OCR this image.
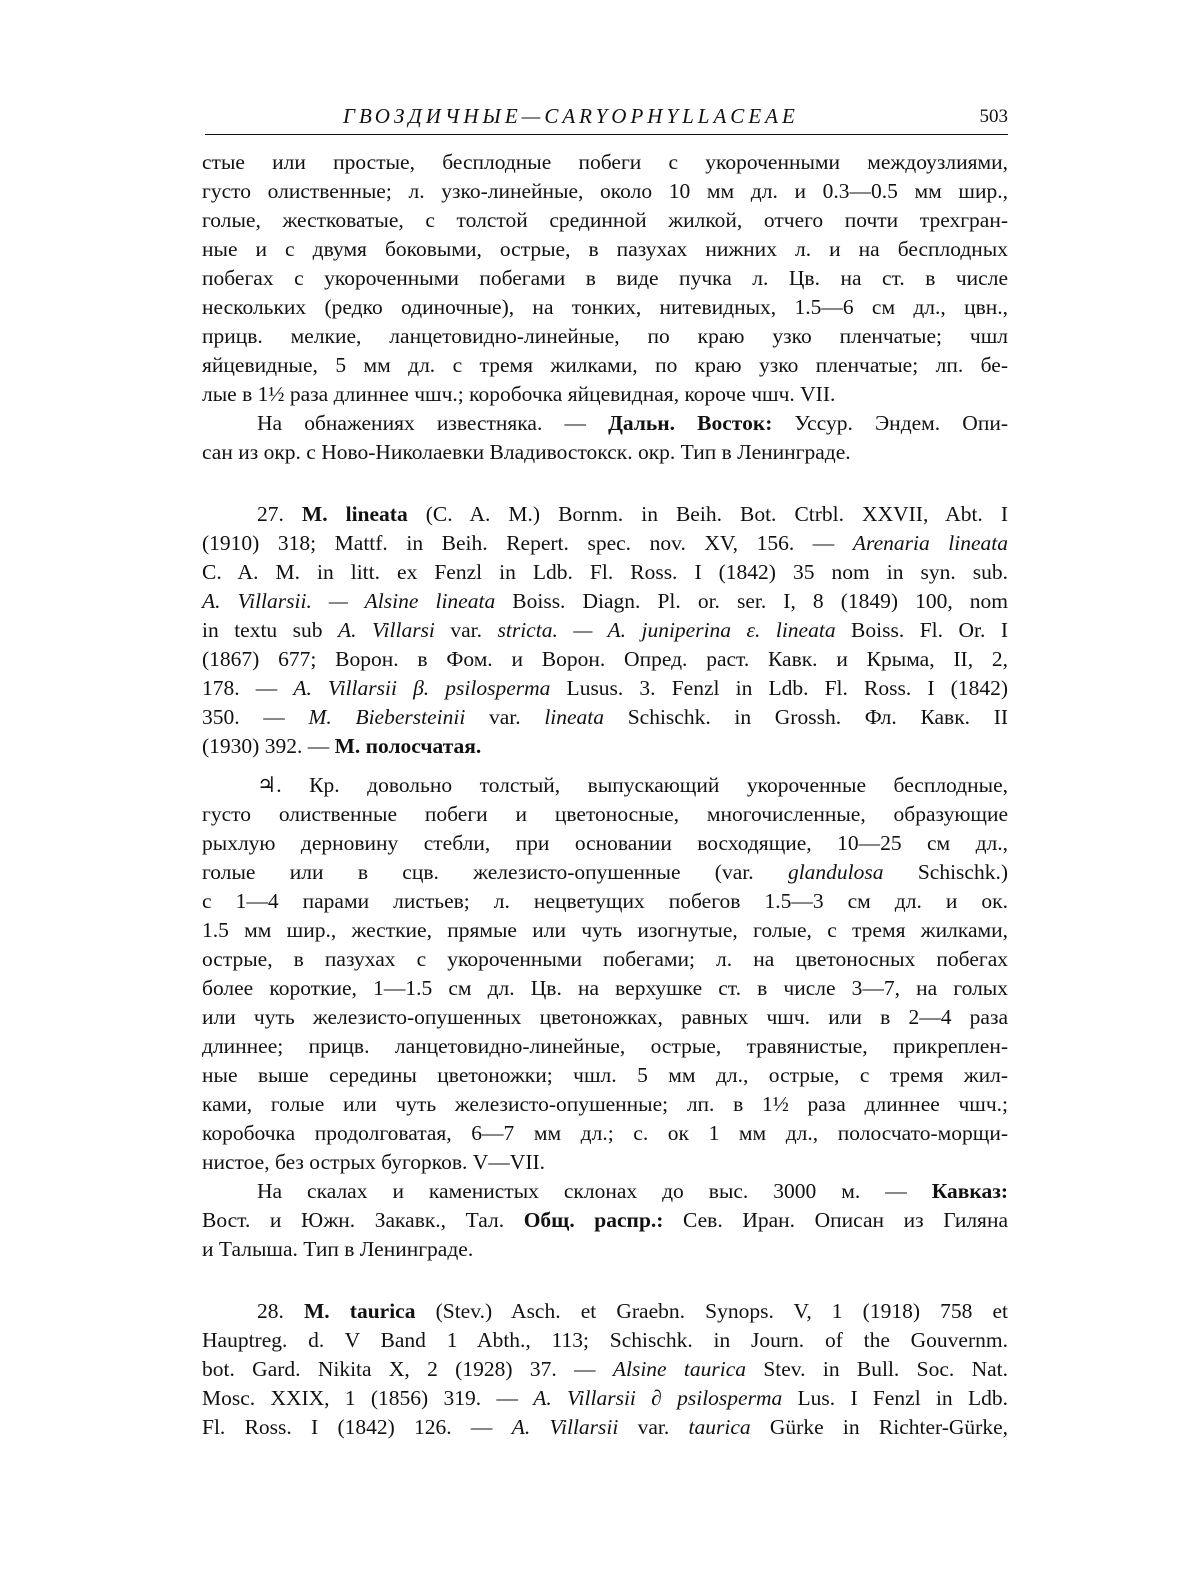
ГВОЗДИЧНЫЕ—CARYOPHYLLACEAE	503
стые или простые, бесплодные побеги с укороченными междоузлиями,
густо олиственные; л. узко-линейные, около 10 мм дл. и 0.3—0.5 мм шир.,
голые, жестковатые, с толстой срединной жилкой, отчего почти трехгран-
ные и с двумя боковыми, острые, в пазухах нижних л. и на бесплодных
побегах с укороченными побегами в виде пучка л. Цв. на ст. в числе
нескольких (редко одиночные), на тонких, нитевидных, 1.5—6 см дл., цвн.,
прицв. мелкие, ланцетовидно-линейные, по краю узко пленчатые; чшл
яйцевидные, 5 мм дл. с тремя жилками, по краю узко пленчатые; лп. бе-
лые в 1½ раза длиннее чшч.; коробочка яйцевидная, короче чшч. VII.
На обнажениях известняка. — Дальн. Восток: Уссур. Эндем. Опи-
сан из окр. с Ново-Николаевки Владивостокск. окр. Тип в Ленинграде.
27. M. lineata (C. A. M.) Bornm. in Beih. Bot. Ctrbl. XXVII, Abt. I
(1910) 318; Mattf. in Beih. Repert. spec. nov. XV, 156. — Arenaria lineata
C. A. M. in litt. ex Fenzl in Ldb. Fl. Ross. I (1842) 35 nom in syn. sub.
A. Villarsii. — Alsine lineata Boiss. Diagn. Pl. or. ser. I, 8 (1849) 100, nom
in textu sub A. Villarsi var. stricta. — A. juniperina ε. lineata Boiss. Fl. Or. I
(1867) 677; Ворон. в Фом. и Ворон. Опред. раст. Кавк. и Крыма, II, 2,
178. — A. Villarsii β. psilosperma Lusus. 3. Fenzl in Ldb. Fl. Ross. I (1842)
350. — M. Biebersteinii var. lineata Schischk. in Grossh. Фл. Кавк. II
(1930) 392. — M. полосчатая.
♃. Кр. довольно толстый, выпускающий укороченные бесплодные,
густо олиственные побеги и цветоносные, многочисленные, образующие
рыхлую дерновину стебли, при основании восходящие, 10—25 см дл.,
голые или в сцв. железисто-опушенные (var. glandulosa Schischk.)
с 1—4 парами листьев; л. нецветущих побегов 1.5—3 см дл. и ок.
1.5 мм шир., жесткие, прямые или чуть изогнутые, голые, с тремя жилками,
острые, в пазухах с укороченными побегами; л. на цветоносных побегах
более короткие, 1—1.5 см дл. Цв. на верхушке ст. в числе 3—7, на голых
или чуть железисто-опушенных цветоножках, равных чшч. или в 2—4 раза
длиннее; прицв. ланцетовидно-линейные, острые, травянистые, прикреплен-
ные выше середины цветоножки; чшл. 5 мм дл., острые, с тремя жил-
ками, голые или чуть железисто-опушенные; лп. в 1½ раза длиннее чшч.;
коробочка продолговатая, 6—7 мм дл.; с. ок 1 мм дл., полосчато-морщи-
нистое, без острых бугорков. V—VII.
На скалах и каменистых склонах до выс. 3000 м. — Кавказ:
Вост. и Южн. Закавк., Тал. Общ. распр.: Сев. Иран. Описан из Гиляна
и Талыша. Тип в Ленинграде.
28. M. taurica (Stev.) Asch. et Graebn. Synops. V, 1 (1918) 758 et
Hauptreg. d. V Band 1 Abth., 113; Schischk. in Journ. of the Gouvernm.
bot. Gard. Nikita X, 2 (1928) 37. — Alsine taurica Stev. in Bull. Soc. Nat.
Mosc. XXIX, 1 (1856) 319. — A. Villarsii ∂ psilosperma Lus. I Fenzl in Ldb.
Fl. Ross. I (1842) 126. — A. Villarsii var. taurica Gürke in Richter-Gürke,
